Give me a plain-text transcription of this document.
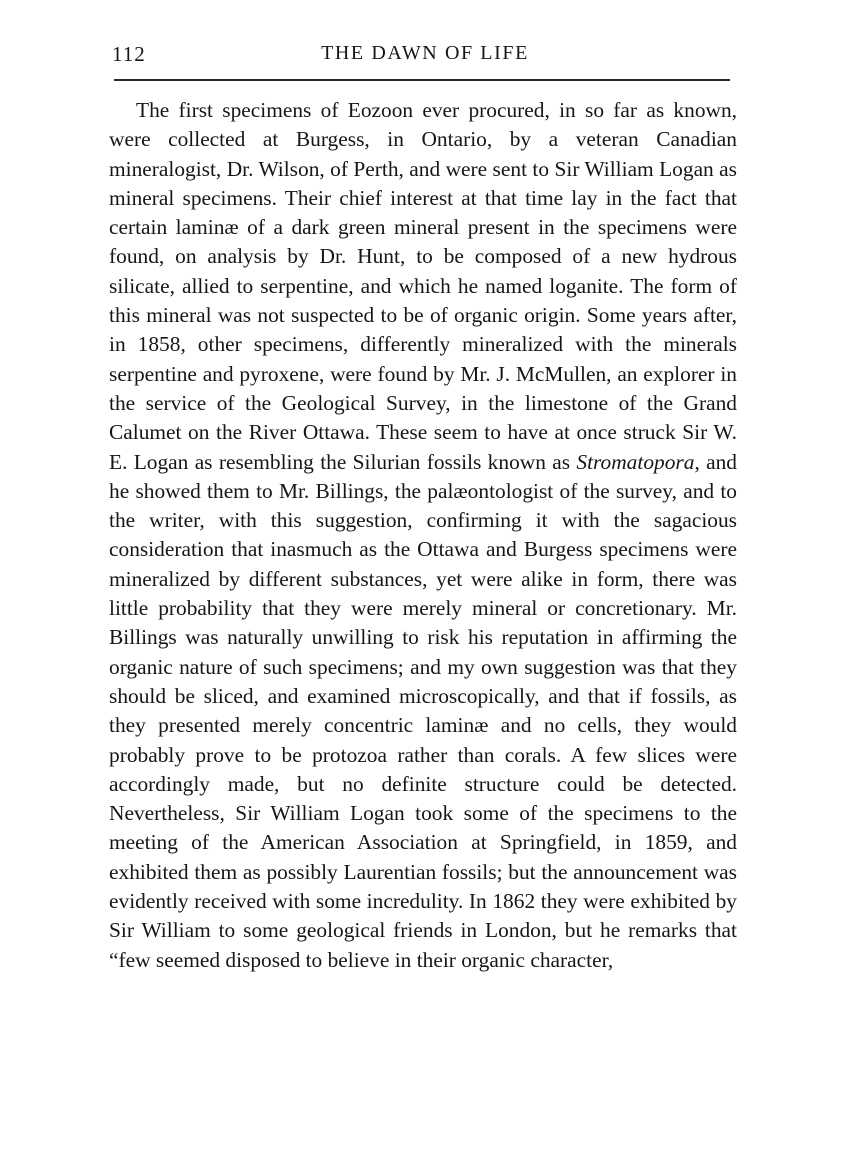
112	THE DAWN OF LIFE

The first specimens of Eozoon ever procured, in so far as known, were collected at Burgess, in Ontario, by a veteran Canadian mineralogist, Dr. Wilson, of Perth, and were sent to Sir William Logan as mineral specimens. Their chief interest at that time lay in the fact that certain laminæ of a dark green mineral present in the specimens were found, on analysis by Dr. Hunt, to be composed of a new hydrous silicate, allied to serpentine, and which he named loganite. The form of this mineral was not suspected to be of organic origin. Some years after, in 1858, other specimens, differently mineralized with the minerals serpentine and pyroxene, were found by Mr. J. McMullen, an explorer in the service of the Geological Survey, in the limestone of the Grand Calumet on the River Ottawa. These seem to have at once struck Sir W. E. Logan as resembling the Silurian fossils known as Stromatopora, and he showed them to Mr. Billings, the palæontologist of the survey, and to the writer, with this suggestion, confirming it with the sagacious consideration that inasmuch as the Ottawa and Burgess specimens were mineralized by different substances, yet were alike in form, there was little probability that they were merely mineral or concretionary. Mr. Billings was naturally unwilling to risk his reputation in affirming the organic nature of such specimens; and my own suggestion was that they should be sliced, and examined microscopically, and that if fossils, as they presented merely concentric laminæ and no cells, they would probably prove to be protozoa rather than corals. A few slices were accordingly made, but no definite structure could be detected. Nevertheless, Sir William Logan took some of the specimens to the meeting of the American Association at Springfield, in 1859, and exhibited them as possibly Laurentian fossils; but the announcement was evidently received with some incredulity. In 1862 they were exhibited by Sir William to some geological friends in London, but he remarks that “few seemed disposed to believe in their organic character,
